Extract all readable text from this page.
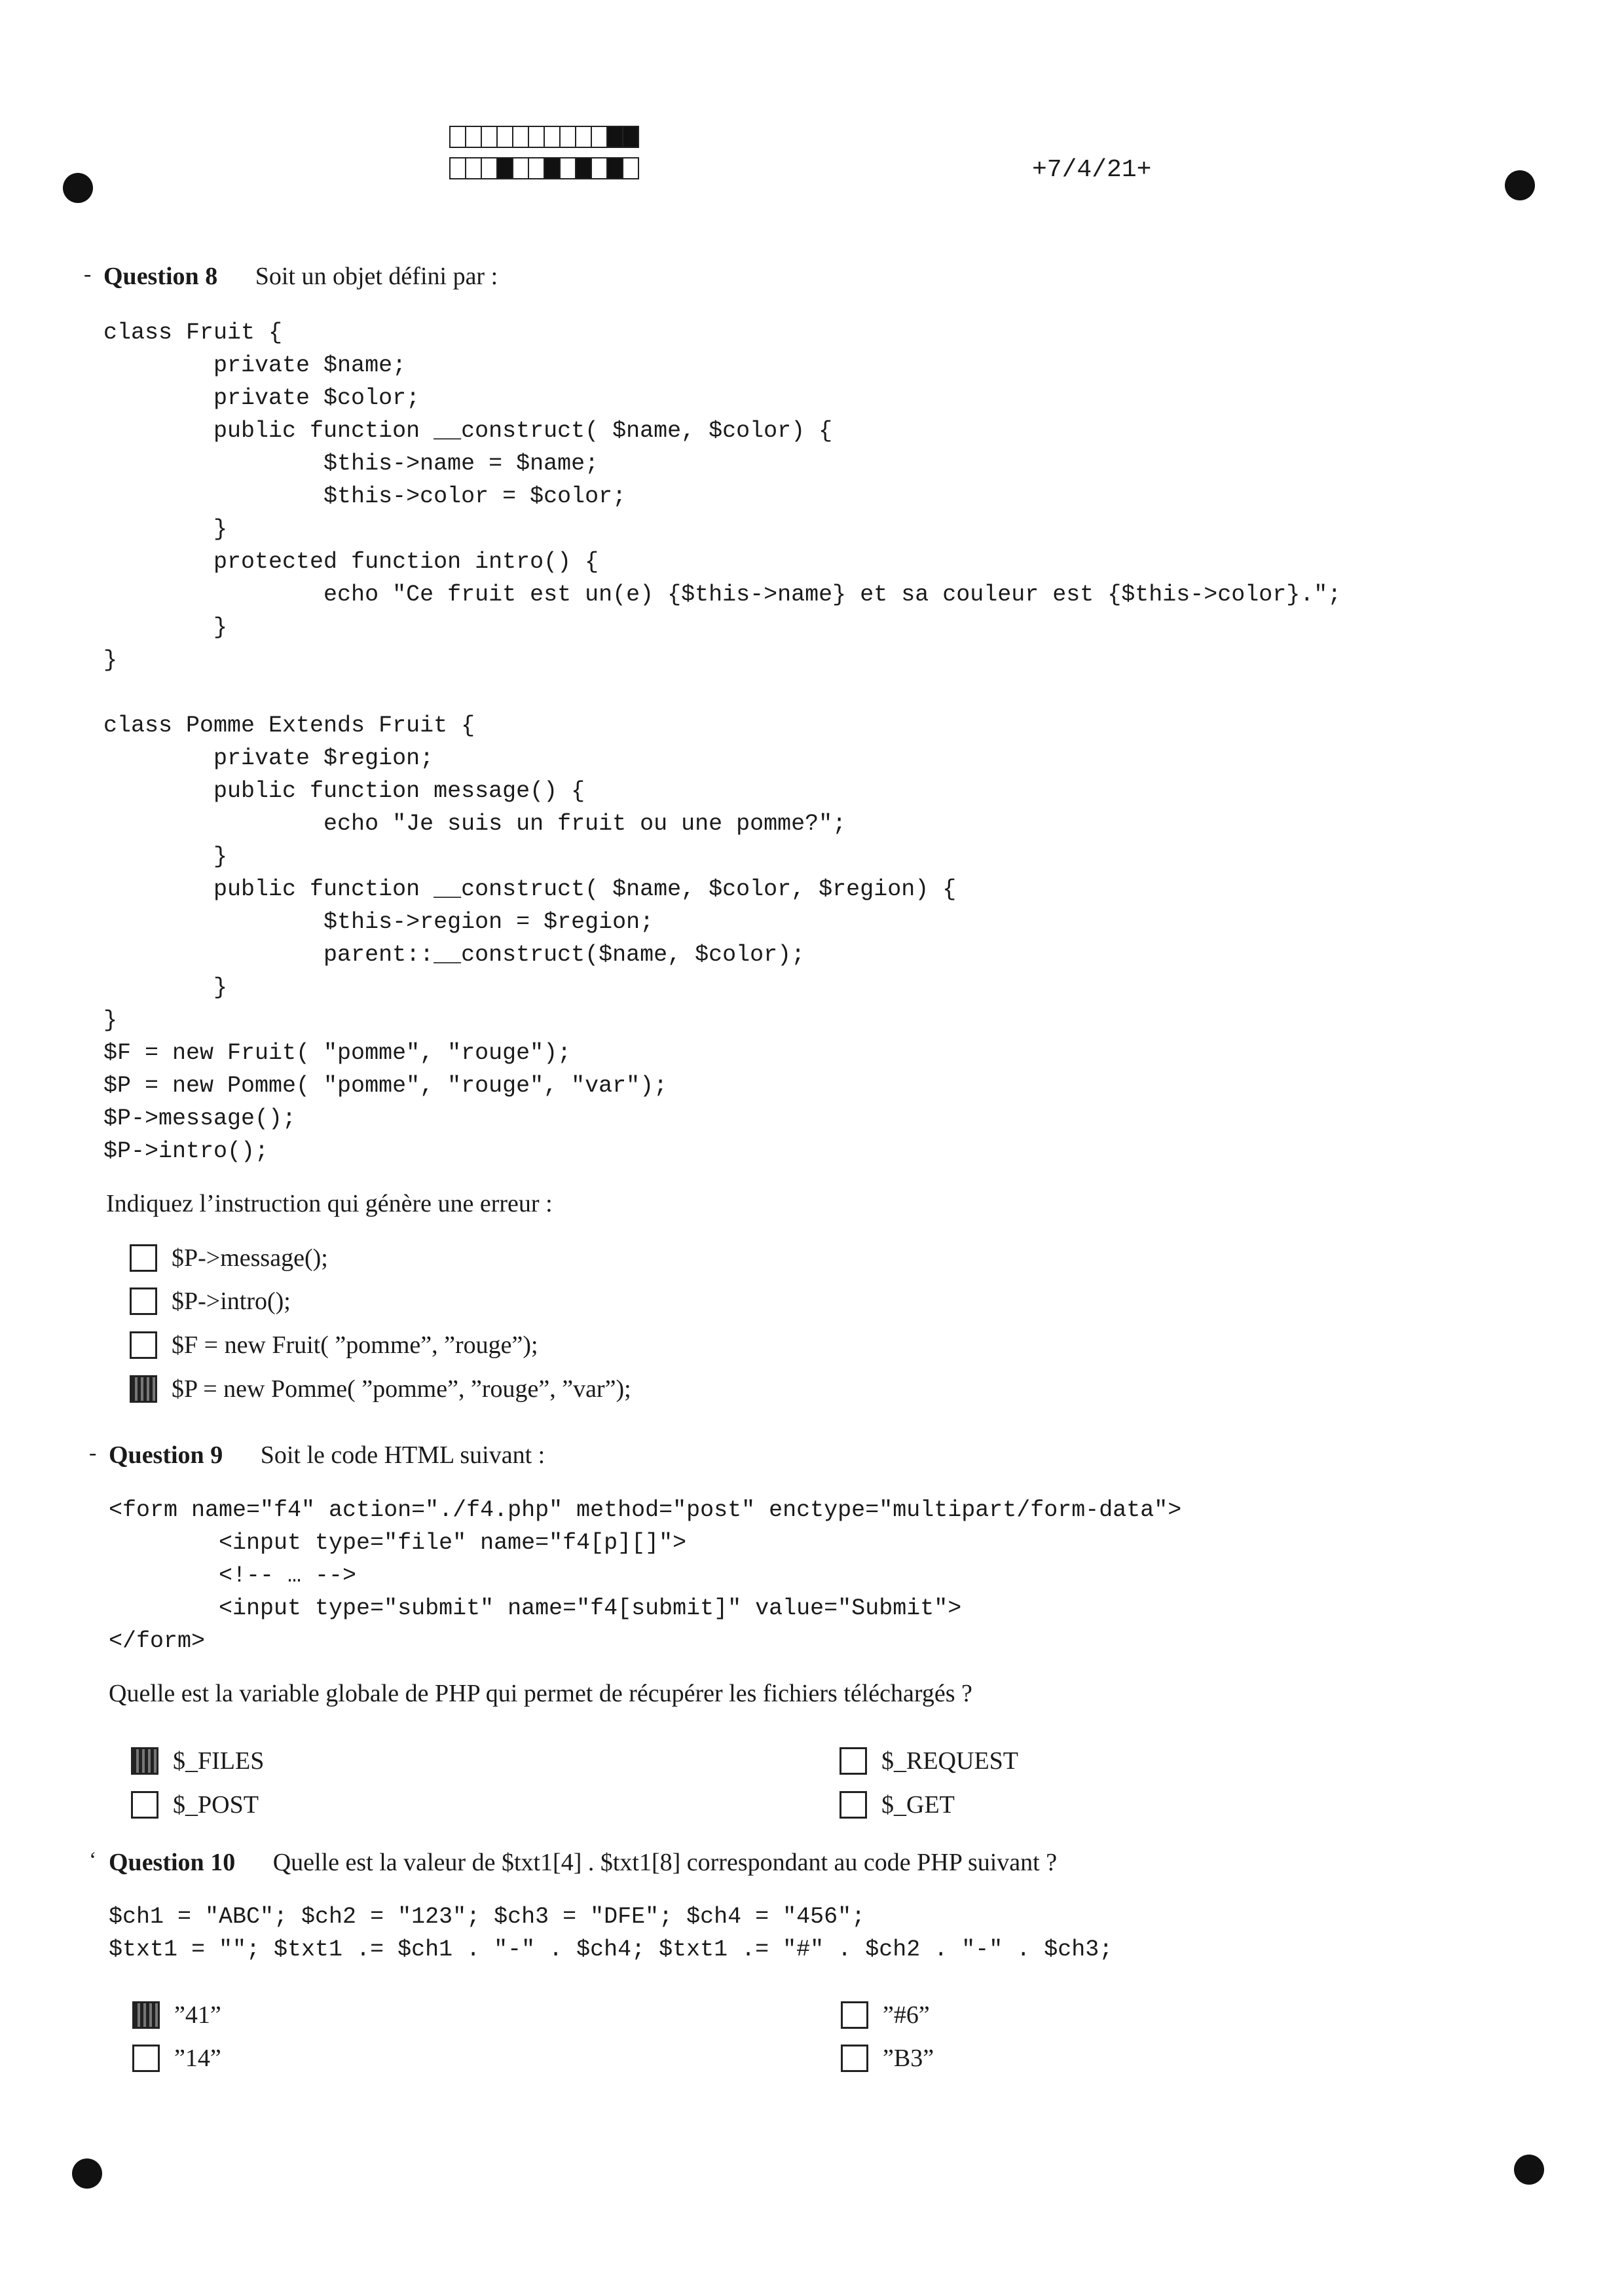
+7/4/21+
- Question 8 Soit un objet défini par :
class Fruit {
private $name;
private $color;
public function __construct( $name, $color) {
$this->name = $name;
$this->color = $color;
}
protected function intro() {
echo "Ce fruit est un(e) {$this->name} et sa couleur est {$this->color}.";
}
}

class Pomme Extends Fruit {
private $region;
public function message() {
echo "Je suis un fruit ou une pomme?";
}
public function __construct( $name, $color, $region) {
$this->region = $region;
parent::__construct($name, $color);
}
}
$F = new Fruit( "pomme", "rouge");
$P = new Pomme( "pomme", "rouge", "var");
$P->message();
$P->intro();
Indiquez l’instruction qui génère une erreur :
$P->message();
$P->intro();
$F = new Fruit( ”pomme”, ”rouge”);
$P = new Pomme( ”pomme”, ”rouge”, ”var”);
- Question 9 Soit le code HTML suivant :
<form name="f4" action="./f4.php" method="post" enctype="multipart/form-data">
<input type="file" name="f4[p][]">
<!-- … -->
<input type="submit" name="f4[submit]" value="Submit">
</form>
Quelle est la variable globale de PHP qui permet de récupérer les fichiers téléchargés ?
$_FILES	$_REQUEST
$_POST	$_GET
‘ Question 10 Quelle est la valeur de $txt1[4] . $txt1[8] correspondant au code PHP suivant ?
$ch1 = "ABC"; $ch2 = "123"; $ch3 = "DFE"; $ch4 = "456";
$txt1 = ""; $txt1 .= $ch1 . "-" . $ch4; $txt1 .= "#" . $ch2 . "-" . $ch3;
”41”	”#6”
”14”	”B3”
